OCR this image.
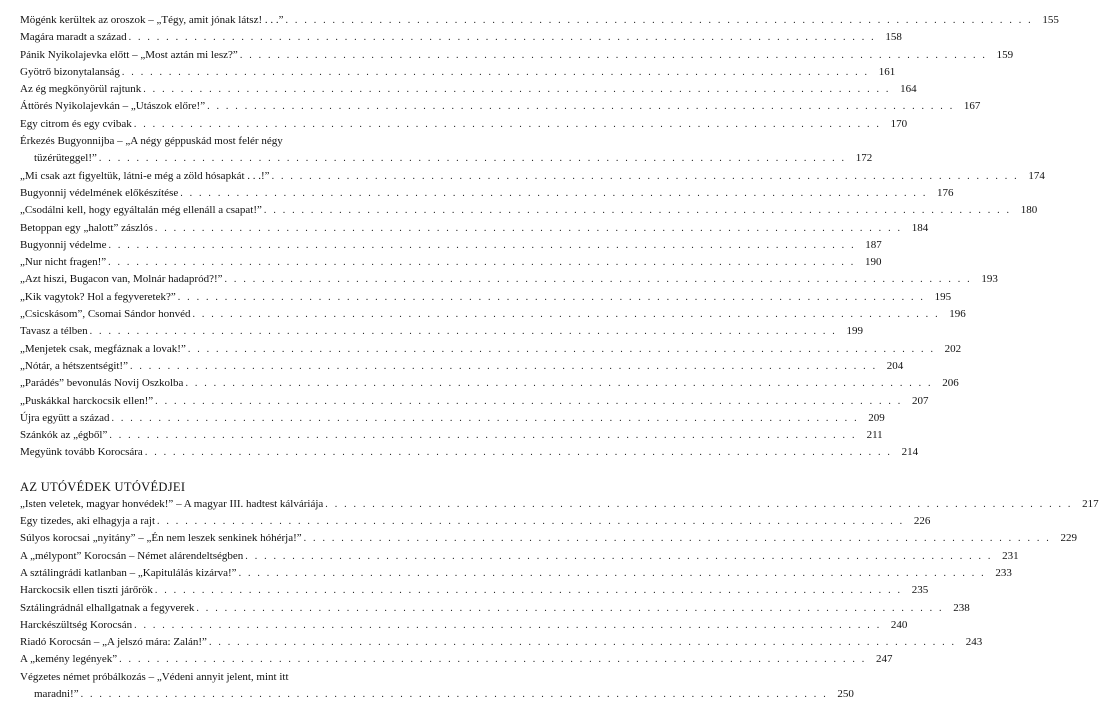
Mögénk kerültek az oroszok – „Tégy, amit jónak látsz! . . .” . . .	155
Magára maradt a század . . .	158
Pánik Nyikolajevka előtt – „Most aztán mi lesz?” . . .	159
Gyötrő bizonytalanság . . .	161
Az ég megkönyörül rajtunk . . .	164
Áttörés Nyikolajevkán – „Utászok előre!” . . .	167
Egy citrom és egy cvibak . . .	170
Érkezés Bugyonnijba – „A négy géppuskád most felér négy
tüzérüteggel!” . . .	172
„Mi csak azt figyeltük, látni-e még a zöld hósapkát . . .!” . . .	174
Bugyonnij védelmének előkészítése . . .	176
„Csodálni kell, hogy egyáltalán még ellenáll a csapat!” . . .	180
Betoppan egy „halott” zászlós . . .	184
Bugyonnij védelme . . .	187
„Nur nicht fragen!” . . .	190
„Azt hiszi, Bugacon van, Molnár hadapród?!” . . .	193
„Kik vagytok? Hol a fegyveretek?” . . .	195
„Csicskásom”, Csomai Sándor honvéd . . .	196
Tavasz a télben . . .	199
„Menjetek csak, megfáznak a lovak!” . . .	202
„Nótár, a hétszentségit!” . . .	204
„Parádés” bevonulás Novij Oszkolba . . .	206
„Puskákkal harckocsik ellen!” . . .	207
Újra együtt a század . . .	209
Szánkók az „égből” . . .	211
Megyünk tovább Korocsára . . .	214
AZ UTÓVÉDEK UTÓVÉDJEI
„Isten veletek, magyar honvédek!” – A magyar III. hadtest kálváriája . . .	217
Egy tizedes, aki elhagyja a rajt . . .	226
Súlyos korocsai „nyitány” – „Én nem leszek senkinek hóhérja!” . . .	229
A „mélypont” Korocsán – Német alárendeltségben . . .	231
A sztálingrádi katlanban – „Kapitulálás kizárva!” . . .	233
Harckocsik ellen tiszti járőrök . . .	235
Sztálingrádnál elhallgatnak a fegyverek . . .	238
Harckészültség Korocsán . . .	240
Riadó Korocsán – „A jelszó mára: Zalán!” . . .	243
A „kemény legények” . . .	247
Végzetes német próbálkozás – „Védeni annyit jelent, mint itt
maradni!” . . .	250
